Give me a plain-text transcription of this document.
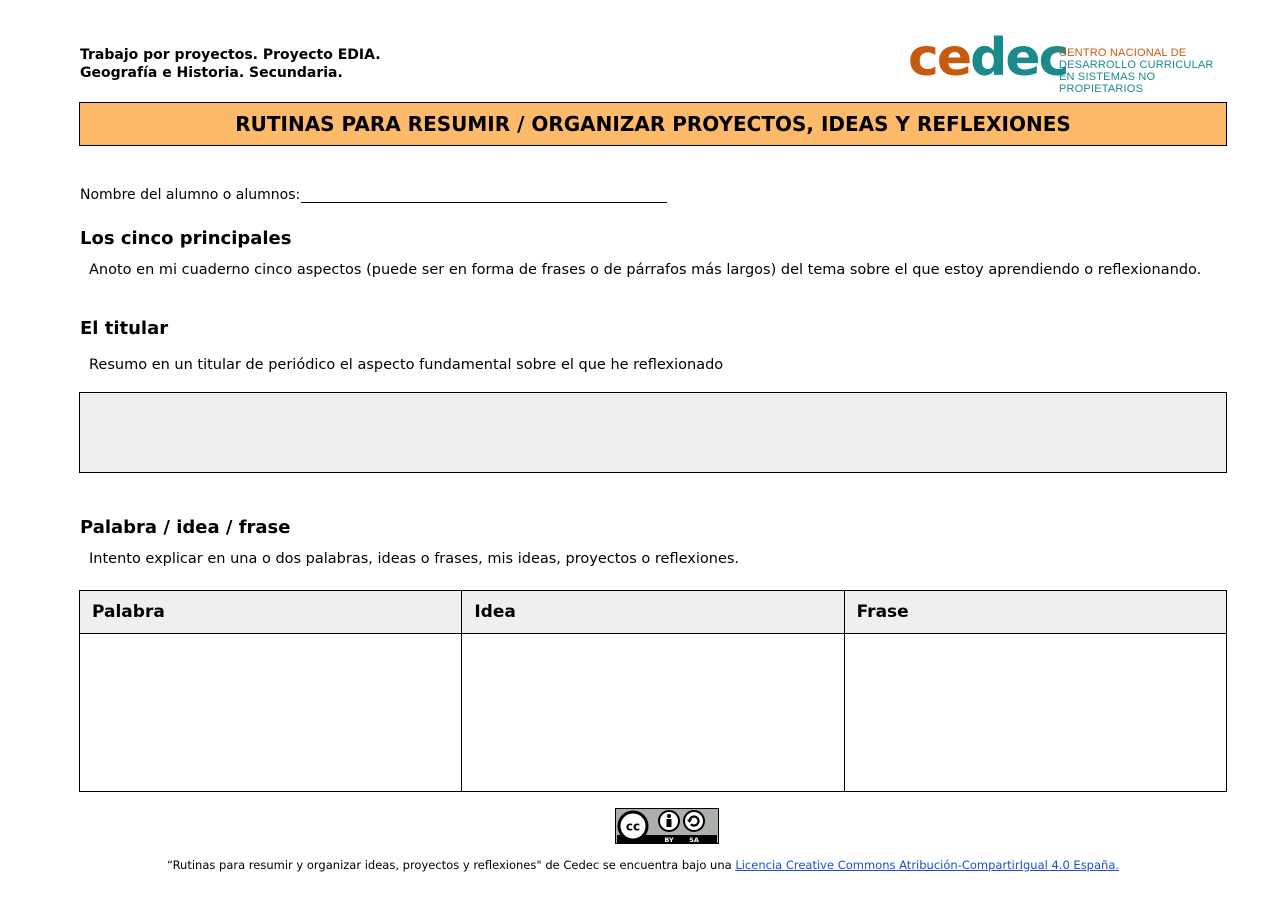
Trabajo por proyectos. Proyecto EDIA.
Geografía e Historia. Secundaria.	cedec
CENTRO NACIONAL DE
DESARROLLO CURRICULAR
EN SISTEMAS NO PROPIETARIOS
RUTINAS PARA RESUMIR / ORGANIZAR PROYECTOS, IDEAS Y REFLEXIONES
Nombre del alumno o alumnos:
Los cinco principales
Anoto en mi cuaderno cinco aspectos (puede ser en forma de frases o de párrafos más largos) del tema sobre el que estoy aprendiendo o reflexionando.
El titular
Resumo en un titular de periódico el aspecto fundamental sobre el que he reflexionado
Palabra / idea / frase
Intento explicar en una o dos palabras, ideas o frases, mis ideas, proyectos o reflexiones.
Palabra	Idea	Frase

cc
BY SA
“Rutinas para resumir y organizar ideas, proyectos y reflexiones" de Cedec se encuentra bajo una Licencia Creative Commons Atribución-CompartirIgual 4.0 España.
